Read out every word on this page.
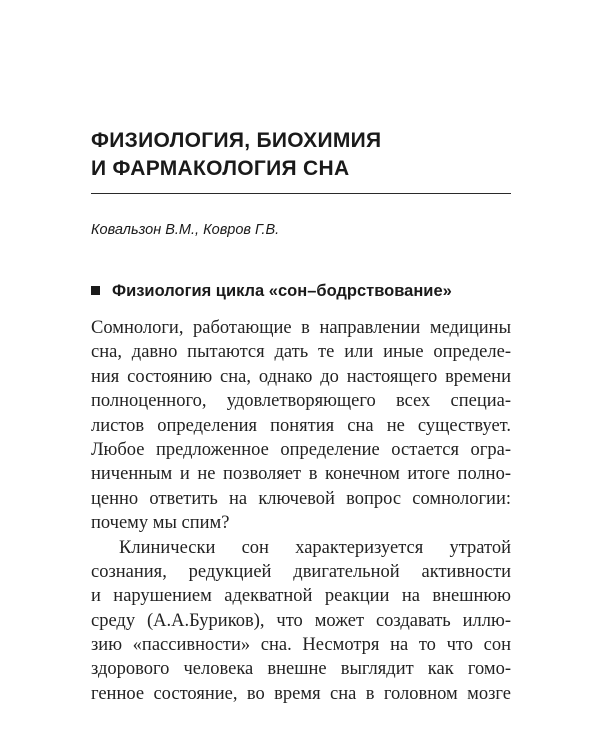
ФИЗИОЛОГИЯ, БИОХИМИЯ
И ФАРМАКОЛОГИЯ СНА
Ковальзон В.М., Ковров Г.В.
Физиология цикла «сон–бодрствование»
Сомнологи, работающие в направлении медицины
сна, давно пытаются дать те или иные определе-
ния состоянию сна, однако до настоящего времени
полноценного, удовлетворяющего всех специа-
листов определения понятия сна не существует.
Любое предложенное определение остается огра-
ниченным и не позволяет в конечном итоге полно-
ценно ответить на ключевой вопрос сомнологии:
почему мы спим?
Клинически сон характеризуется утратой
сознания, редукцией двигательной активности
и нарушением адекватной реакции на внешнюю
среду (А.А.Буриков), что может создавать иллю-
зию «пассивности» сна. Несмотря на то что сон
здорового человека внешне выглядит как гомо-
генное состояние, во время сна в головном мозге
